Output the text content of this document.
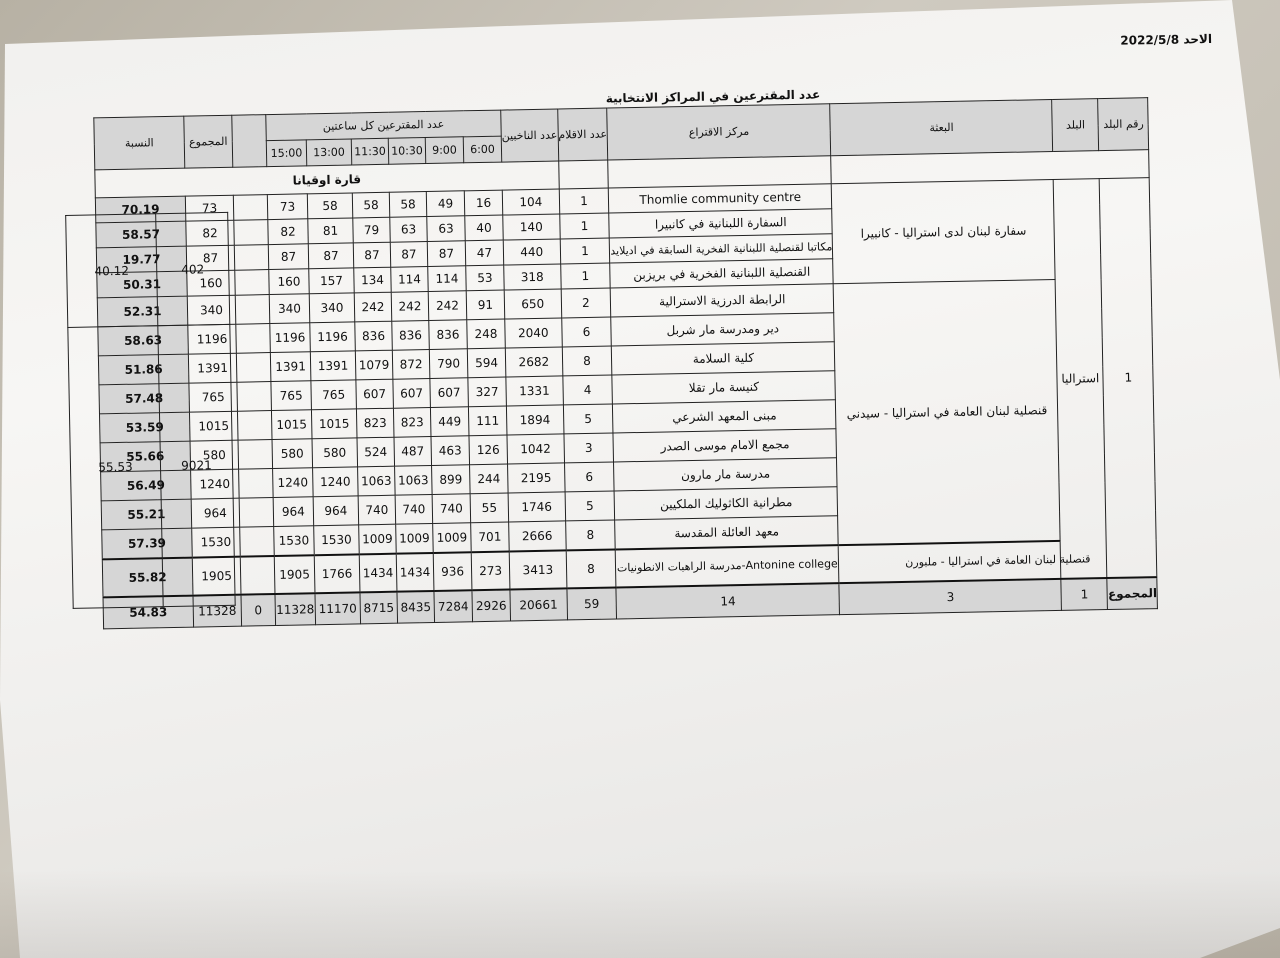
الاحد 2022/5/8
عدد المقترعين في المراكز الانتخابية
النسبة	المجموع		عدد المقترعين كل ساعتين						عدد الناخبين	عدد الاقلام	مركز الاقتراع	البعثة	البلد	رقم البلد
			15:00	13:00	11:30	10:30	9:00	6:00						
قارة اوقيانا														
70.19	73		73	58	58	58	49	16	104	1	Thomlie community centre	سفارة لبنان لدى استراليا - كانبيرا	استراليا	1
58.57	82		82	81	79	63	63	40	140	1	السفارة اللبنانية في كانبيرا			
19.77	87		87	87	87	87	87	47	440	1	مكاتبا لقنصلية اللبنانية الفخرية السابقة في اديلايد			
50.31	160		160	157	134	114	114	53	318	1	القنصلية اللبنانية الفخرية في بريزبن			
52.31	340		340	340	242	242	242	91	650	2	الرابطة الدرزية الاسترالية	قنصلية لبنان العامة في استراليا - سيدني		
58.63	1196		1196	1196	836	836	836	248	2040	6	دير ومدرسة مار شربل			
51.86	1391		1391	1391	1079	872	790	594	2682	8	كلية السلامة			
57.48	765		765	765	607	607	607	327	1331	4	كنيسة مار تقلا			
53.59	1015		1015	1015	823	823	449	111	1894	5	مبنى المعهد الشرعي			
55.66	580		580	580	524	487	463	126	1042	3	مجمع الامام موسى الصدر			
56.49	1240		1240	1240	1063	1063	899	244	2195	6	مدرسة مار مارون			
55.21	964		964	964	740	740	740	55	1746	5	مطرانية الكاثوليك الملكيين			
57.39	1530		1530	1530	1009	1009	1009	701	2666	8	معهد العائلة المقدسة			
55.82	1905		1905	1766	1434	1434	936	273	3413	8	Antonine college-مدرسة الراهبات الانطونيات	قنصلية لبنان العامة في استراليا - ملبورن		
54.83	11328	0	11328	11170	8715	8435	7284	2926	20661	59	14	3	1	المجموع
40.12	402
55.53	9021
